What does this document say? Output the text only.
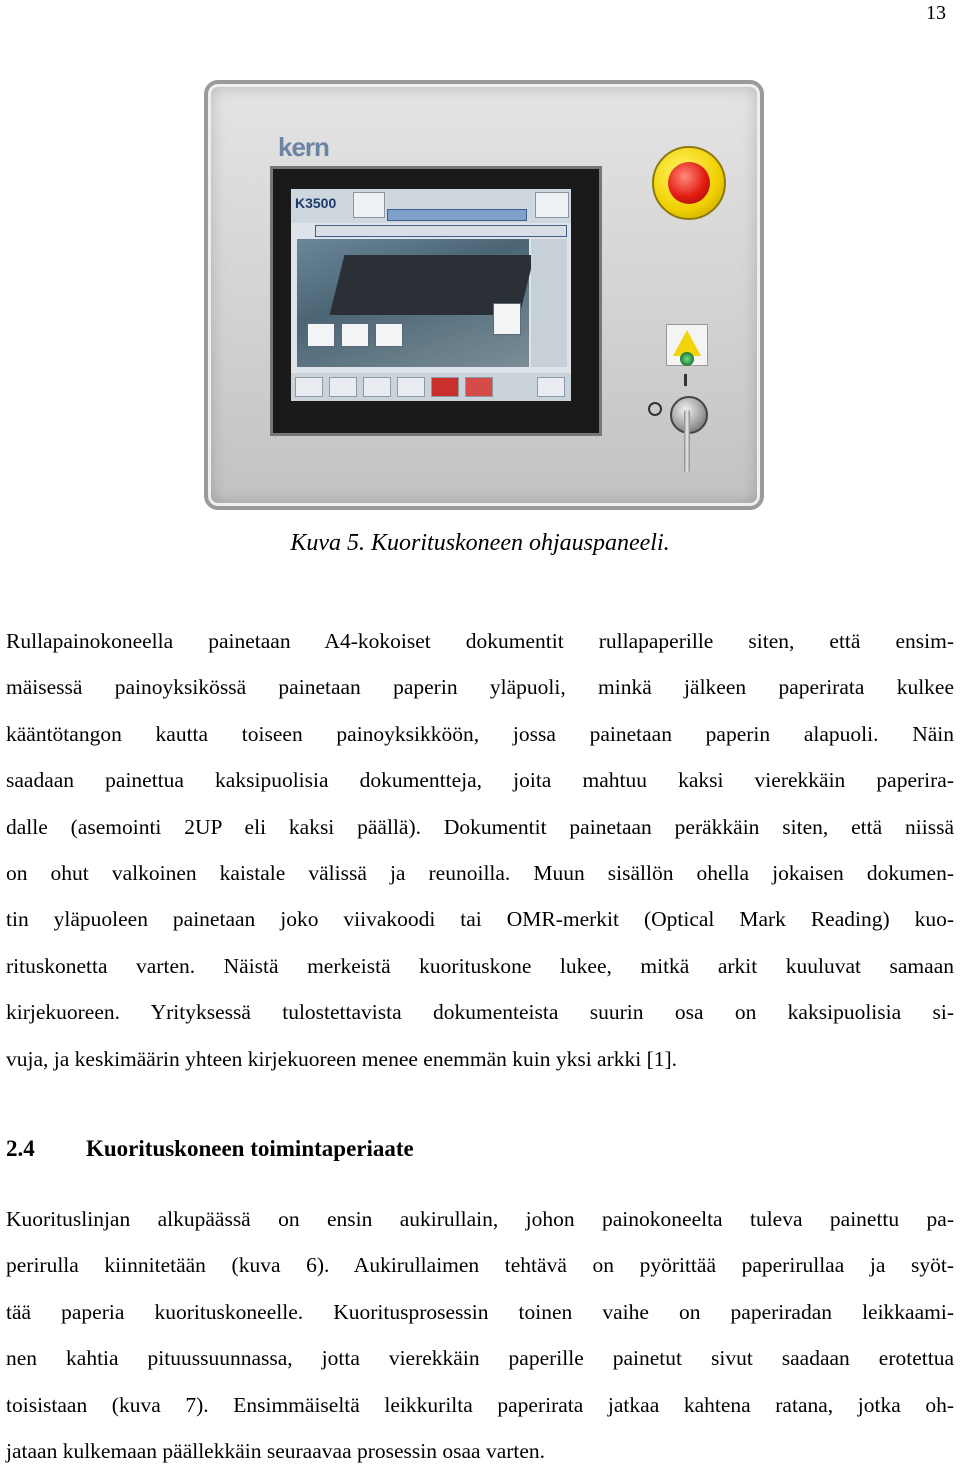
13
kern
K3500
Kuva 5. Kuorituskoneen ohjauspaneeli.
Rullapainokoneella painetaan A4-kokoiset dokumentit rullapaperille siten, että ensim-
mäisessä painoyksikössä painetaan paperin yläpuoli, minkä jälkeen paperirata kulkee
kääntötangon kautta toiseen painoyksikköön, jossa painetaan paperin alapuoli. Näin
saadaan painettua kaksipuolisia dokumentteja, joita mahtuu kaksi vierekkäin paperira-
dalle (asemointi 2UP eli kaksi päällä). Dokumentit painetaan peräkkäin siten, että niissä
on ohut valkoinen kaistale välissä ja reunoilla. Muun sisällön ohella jokaisen dokumen-
tin yläpuoleen painetaan joko viivakoodi tai OMR-merkit (Optical Mark Reading) kuo-
rituskonetta varten. Näistä merkeistä kuorituskone lukee, mitkä arkit kuuluvat samaan
kirjekuoreen. Yrityksessä tulostettavista dokumenteista suurin osa on kaksipuolisia si-
vuja, ja keskimäärin yhteen kirjekuoreen menee enemmän kuin yksi arkki [1].
2.4 Kuorituskoneen toimintaperiaate
Kuorituslinjan alkupäässä on ensin aukirullain, johon painokoneelta tuleva painettu pa-
perirulla kiinnitetään (kuva 6). Aukirullaimen tehtävä on pyörittää paperirullaa ja syöt-
tää paperia kuorituskoneelle. Kuoritusprosessin toinen vaihe on paperiradan leikkaami-
nen kahtia pituussuunnassa, jotta vierekkäin paperille painetut sivut saadaan erotettua
toisistaan (kuva 7). Ensimmäiseltä leikkurilta paperirata jatkaa kahtena ratana, jotka oh-
jataan kulkemaan päällekkäin seuraavaa prosessin osaa varten.
